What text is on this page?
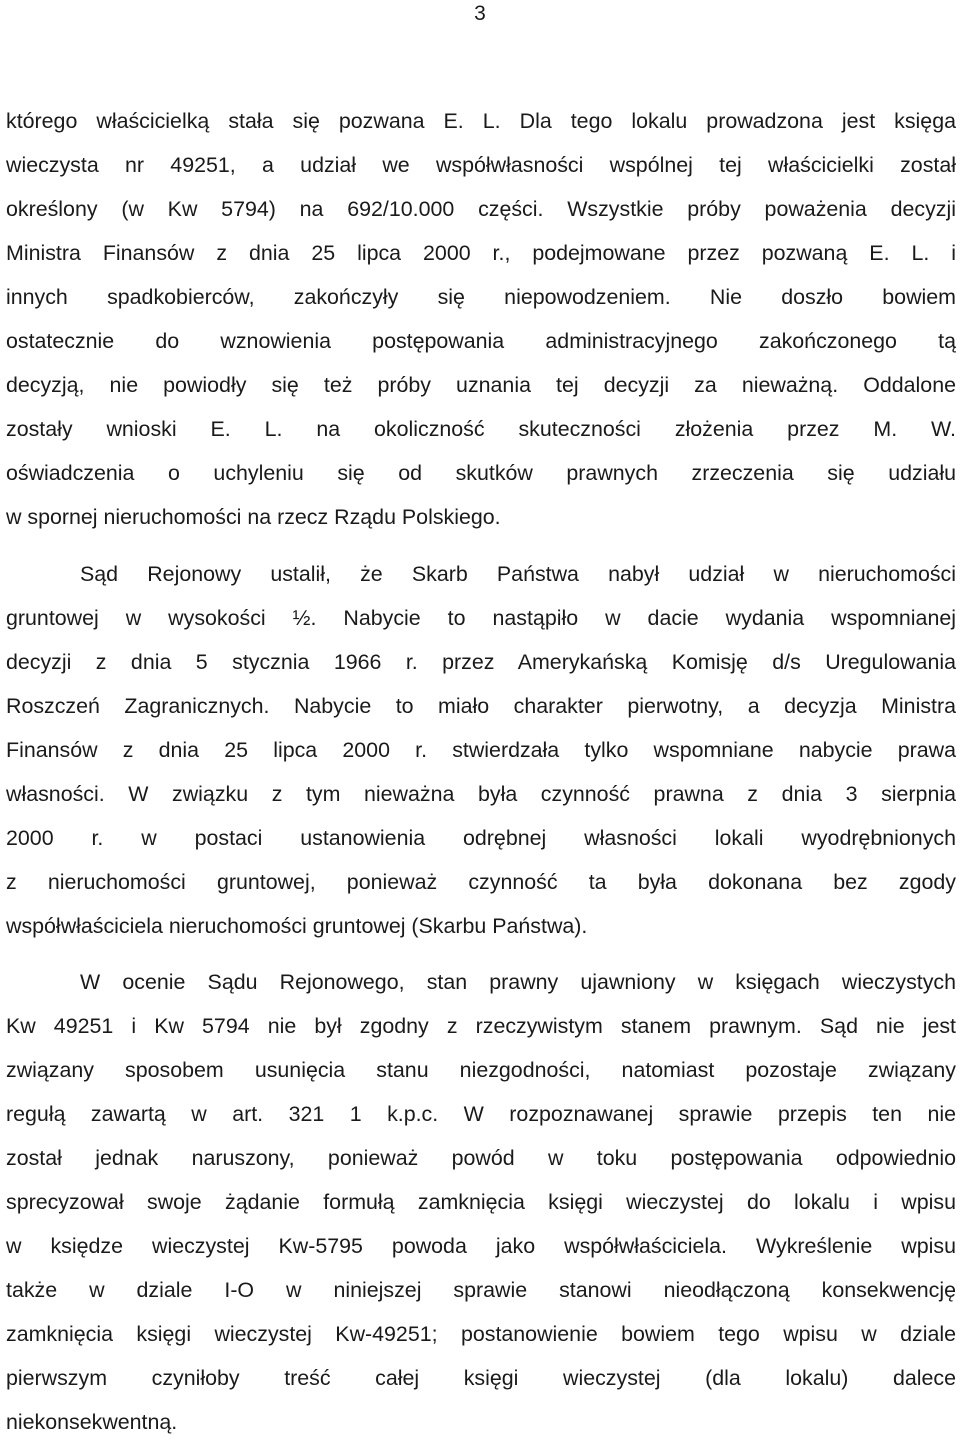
3
którego właścicielką stała się pozwana E. L. Dla tego lokalu prowadzona jest księga
wieczysta nr 49251, a udział we współwłasności wspólnej tej właścicielki został
określony (w Kw 5794) na 692/10.000 części. Wszystkie próby poważenia decyzji
Ministra Finansów z dnia 25 lipca 2000 r., podejmowane przez pozwaną E. L. i
innych spadkobierców, zakończyły się niepowodzeniem. Nie doszło bowiem
ostatecznie do wznowienia postępowania administracyjnego zakończonego tą
decyzją, nie powiodły się też próby uznania tej decyzji za nieważną. Oddalone
zostały wnioski E. L. na okoliczność skuteczności złożenia przez M. W.
oświadczenia o uchyleniu się od skutków prawnych zrzeczenia się udziału
w spornej nieruchomości na rzecz Rządu Polskiego.
Sąd Rejonowy ustalił, że Skarb Państwa nabył udział w nieruchomości
gruntowej w wysokości ½. Nabycie to nastąpiło w dacie wydania wspomnianej
decyzji z dnia 5 stycznia 1966 r. przez Amerykańską Komisję d/s Uregulowania
Roszczeń Zagranicznych. Nabycie to miało charakter pierwotny, a decyzja Ministra
Finansów z dnia 25 lipca 2000 r. stwierdzała tylko wspomniane nabycie prawa
własności. W związku z tym nieważna była czynność prawna z dnia 3 sierpnia
2000 r. w postaci ustanowienia odrębnej własności lokali wyodrębnionych
z nieruchomości gruntowej, ponieważ czynność ta była dokonana bez zgody
współwłaściciela nieruchomości gruntowej (Skarbu Państwa).
W ocenie Sądu Rejonowego, stan prawny ujawniony w księgach wieczystych
Kw 49251 i Kw 5794 nie był zgodny z rzeczywistym stanem prawnym. Sąd nie jest
związany sposobem usunięcia stanu niezgodności, natomiast pozostaje związany
regułą zawartą w art. 321 1 k.p.c. W rozpoznawanej sprawie przepis ten nie
został jednak naruszony, ponieważ powód w toku postępowania odpowiednio
sprecyzował swoje żądanie formułą zamknięcia księgi wieczystej do lokalu i wpisu
w księdze wieczystej Kw-5795 powoda jako współwłaściciela. Wykreślenie wpisu
także w dziale I-O w niniejszej sprawie stanowi nieodłączoną konsekwencję
zamknięcia księgi wieczystej Kw-49251; postanowienie bowiem tego wpisu w dziale
pierwszym czyniłoby treść całej księgi wieczystej (dla lokalu) dalece
niekonsekwentną.
